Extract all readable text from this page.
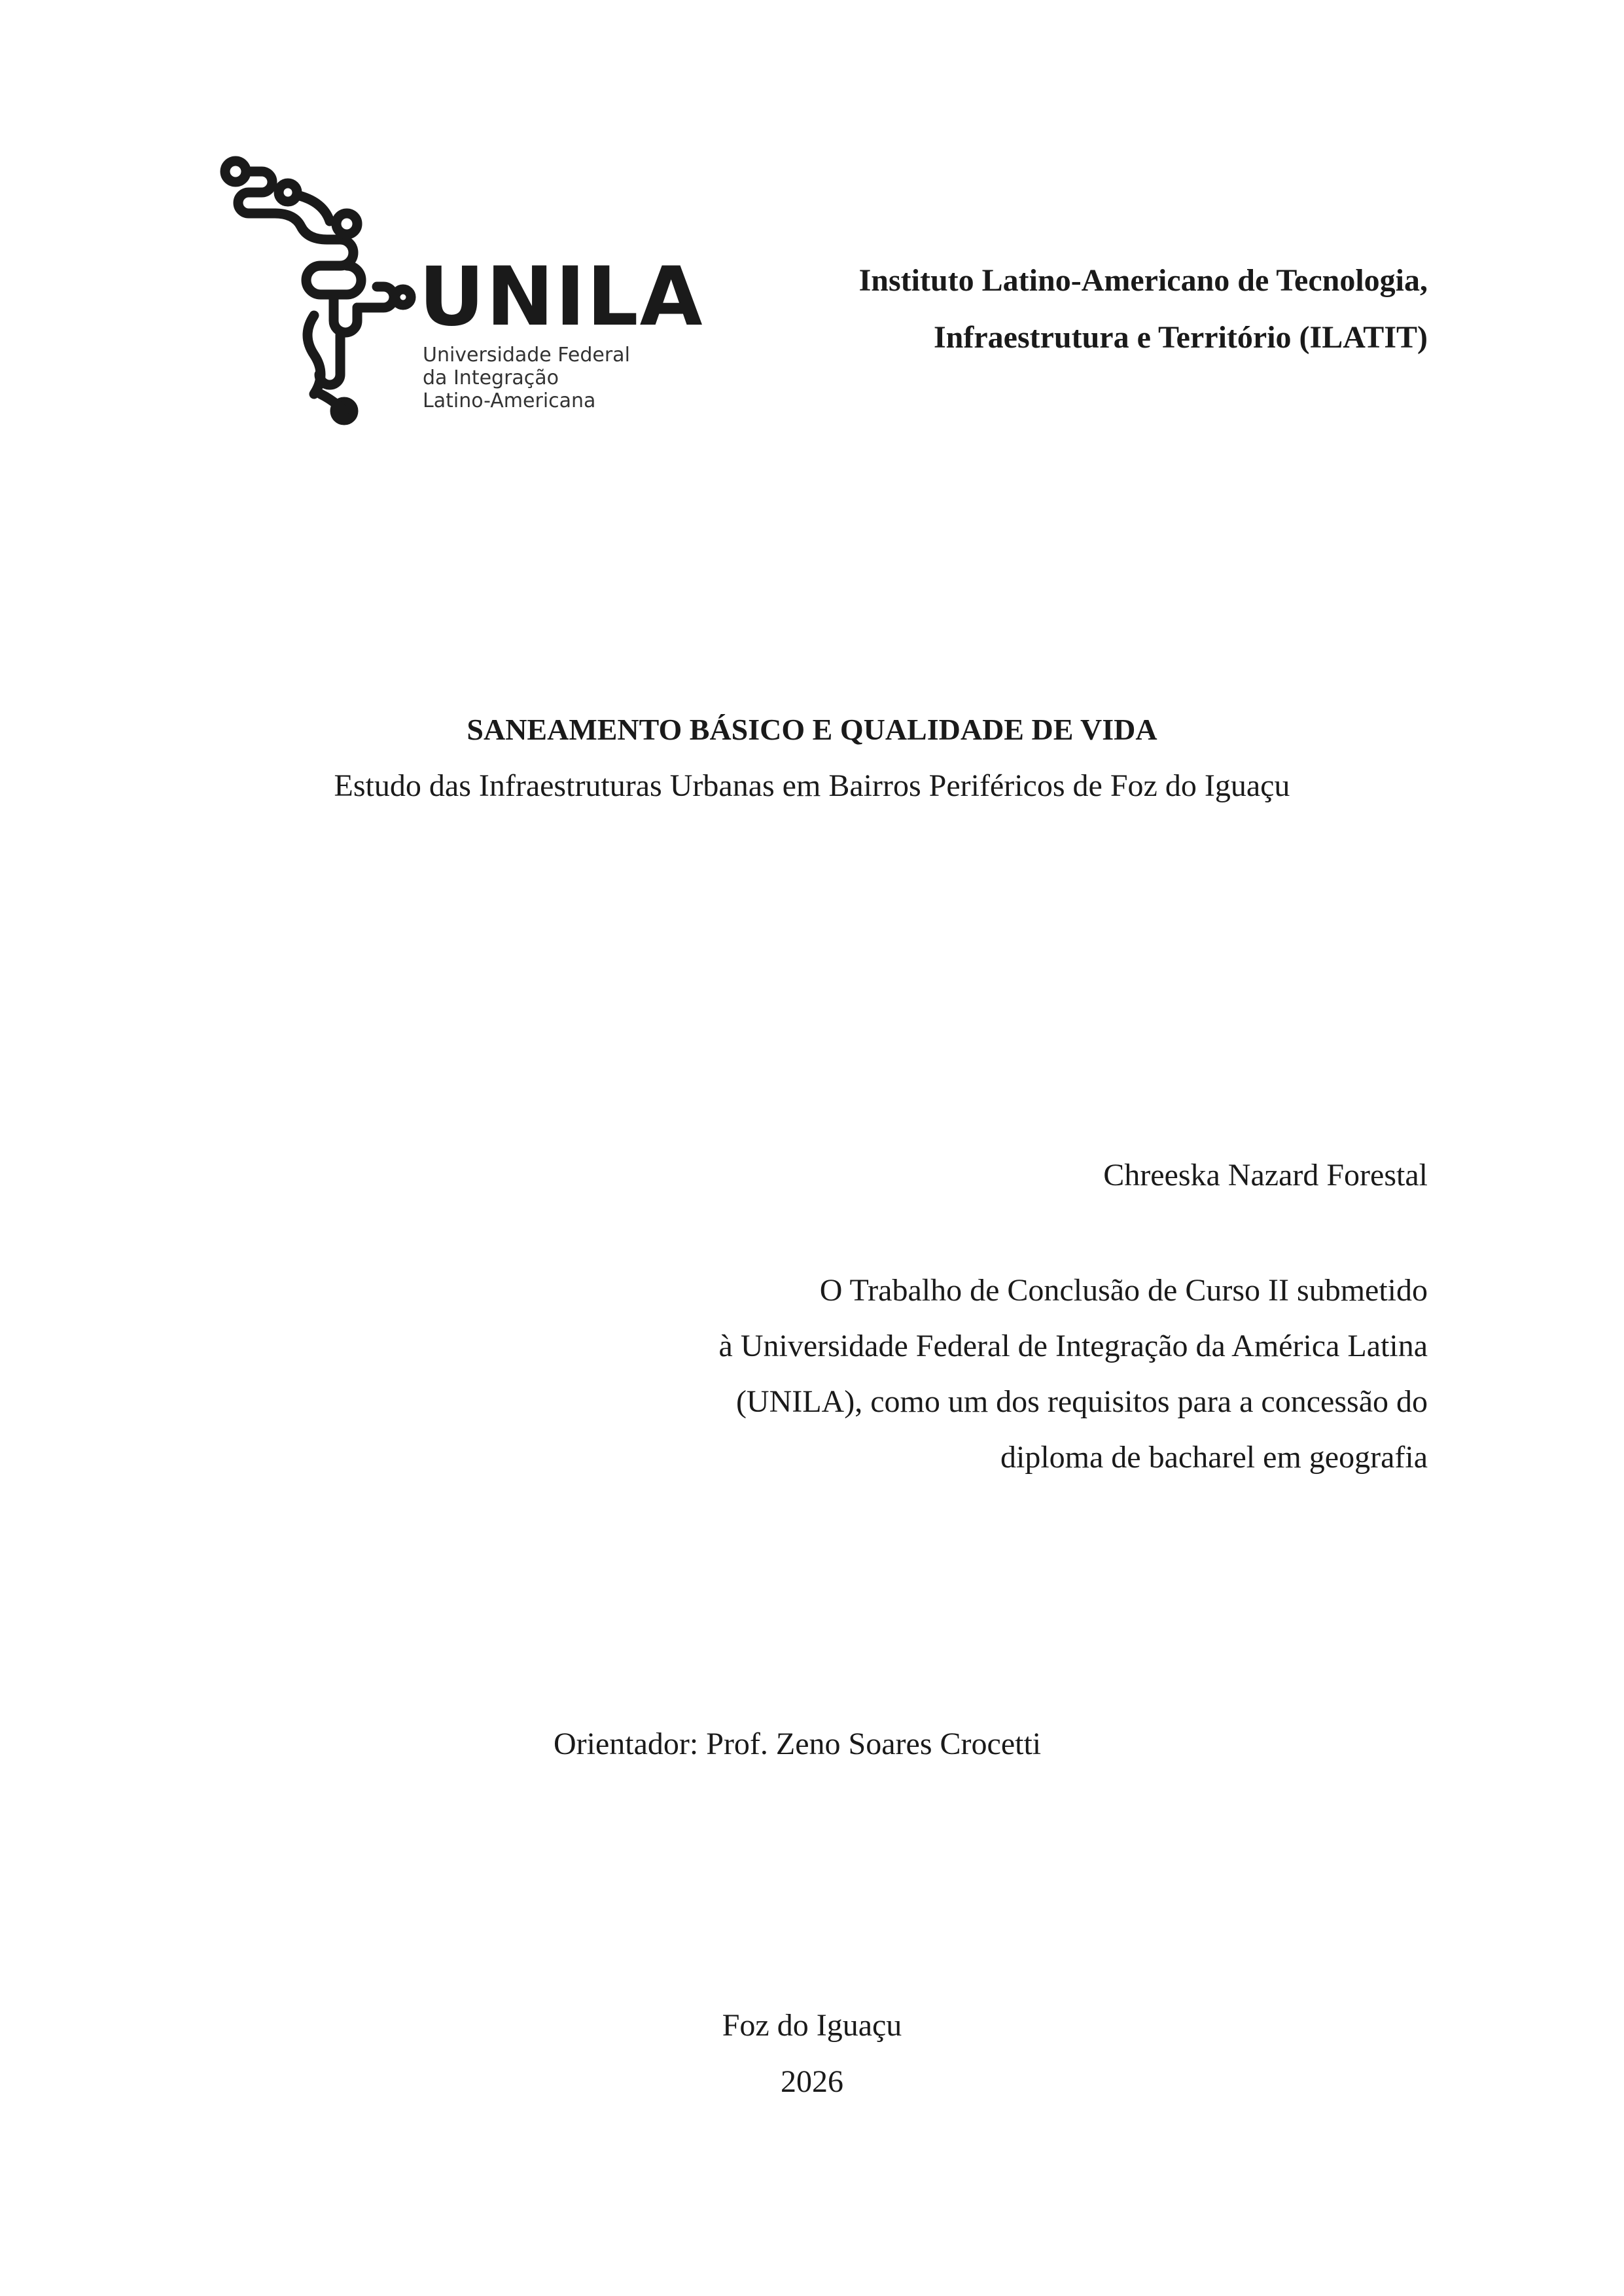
UNILA
Universidade Federal
da Integração
Latino-Americana
Instituto Latino-Americano de Tecnologia,
Infraestrutura e Território (ILATIT)
SANEAMENTO BÁSICO E QUALIDADE DE VIDA
Estudo das Infraestruturas Urbanas em Bairros Periféricos de Foz do Iguaçu
Chreeska Nazard Forestal
O Trabalho de Conclusão de Curso II submetido
à Universidade Federal de Integração da América Latina
(UNILA), como um dos requisitos para a concessão do
diploma de bacharel em geografia
Orientador: Prof. Zeno Soares Crocetti
Foz do Iguaçu
2026
